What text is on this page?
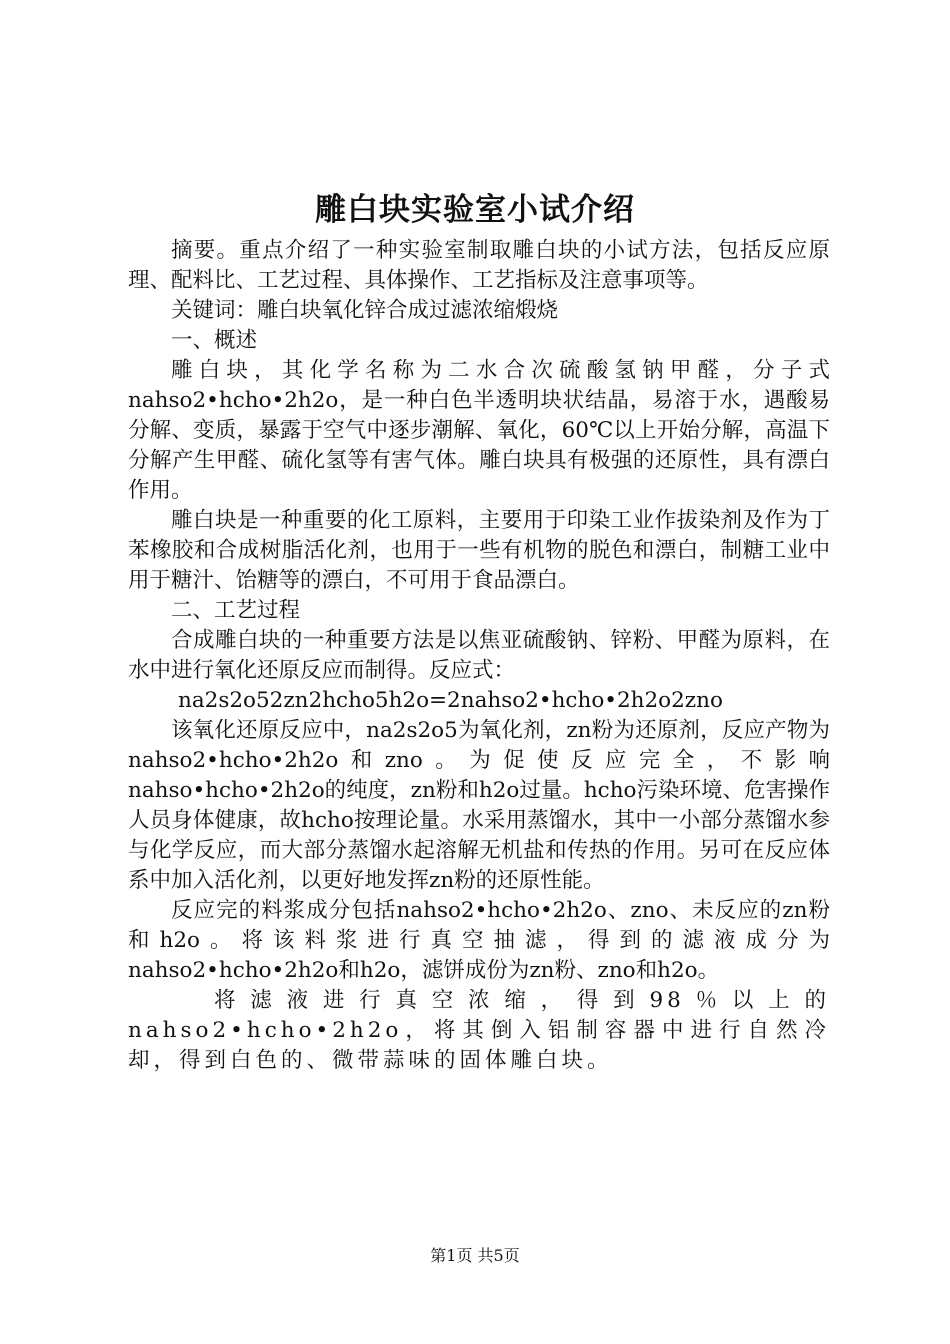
雕白块实验室小试介绍

摘要。重点介绍了一种实验室制取雕白块的小试方法，包括反应原理、配料比、工艺过程、具体操作、工艺指标及注意事项等。

关键词：雕白块氧化锌合成过滤浓缩煅烧

一、概述

雕白块，其化学名称为二水合次硫酸氢钠甲醛，分子式nahso2•hcho•2h2o，是一种白色半透明块状结晶，易溶于水，遇酸易分解、变质，暴露于空气中逐步潮解、氧化，60℃以上开始分解，高温下分解产生甲醛、硫化氢等有害气体。雕白块具有极强的还原性，具有漂白作用。

雕白块是一种重要的化工原料，主要用于印染工业作拔染剂及作为丁苯橡胶和合成树脂活化剂，也用于一些有机物的脱色和漂白，制糖工业中用于糖汁、饴糖等的漂白，不可用于食品漂白。

二、工艺过程

合成雕白块的一种重要方法是以焦亚硫酸钠、锌粉、甲醛为原料，在水中进行氧化还原反应而制得。反应式：

na2s2o52zn2hcho5h2o=2nahso2•hcho•2h2o2zno

该氧化还原反应中，na2s2o5为氧化剂，zn粉为还原剂，反应产物为nahso2•hcho•2h2o和zno。为促使反应完全，不影响nahso•hcho•2h2o的纯度，zn粉和h2o过量。hcho污染环境、危害操作人员身体健康，故hcho按理论量。水采用蒸馏水，其中一小部分蒸馏水参与化学反应，而大部分蒸馏水起溶解无机盐和传热的作用。另可在反应体系中加入活化剂，以更好地发挥zn粉的还原性能。

反应完的料浆成分包括nahso2•hcho•2h2o、zno、未反应的zn粉和h2o。将该料浆进行真空抽滤，得到的滤液成分为nahso2•hcho•2h2o和h2o，滤饼成份为zn粉、zno和h2o。

将滤液进行真空浓缩，得到98％以上的nahso2•hcho•2h2o，将其倒入铝制容器中进行自然冷却，得到白色的、微带蒜味的固体雕白块。

第1页 共5页
